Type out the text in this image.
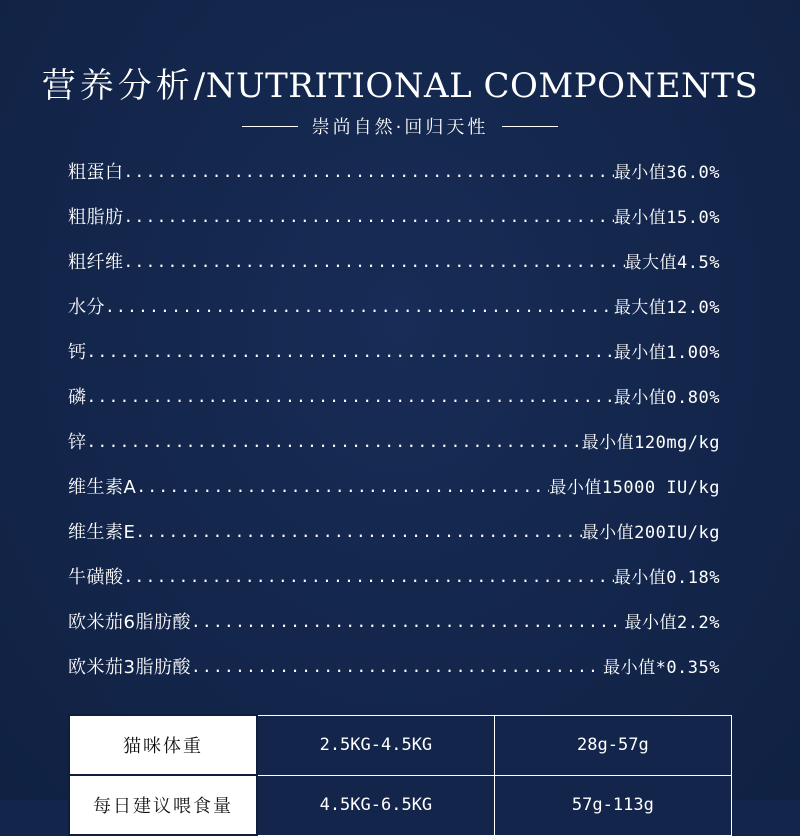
营养分析/NUTRITIONAL COMPONENTS
崇尚自然·回归天性
粗蛋白 .....	最小值36.0%
粗脂肪 .....	最小值15.0%
粗纤维 .....	最大值4.5%
水分 .....	最大值12.0%
钙 .....	最小值1.00%
磷 .....	最小值0.80%
锌 .....	最小值120mg/kg
维生素A .....	最小值15000 IU/kg
维生素E .....	最小值200IU/kg
牛磺酸 .....	最小值0.18%
欧米茄6脂肪酸 .....	最小值2.2%
欧米茄3脂肪酸 .....	最小值*0.35%
猫咪体重	2.5KG-4.5KG	28g-57g
每日建议喂食量	4.5KG-6.5KG	57g-113g
